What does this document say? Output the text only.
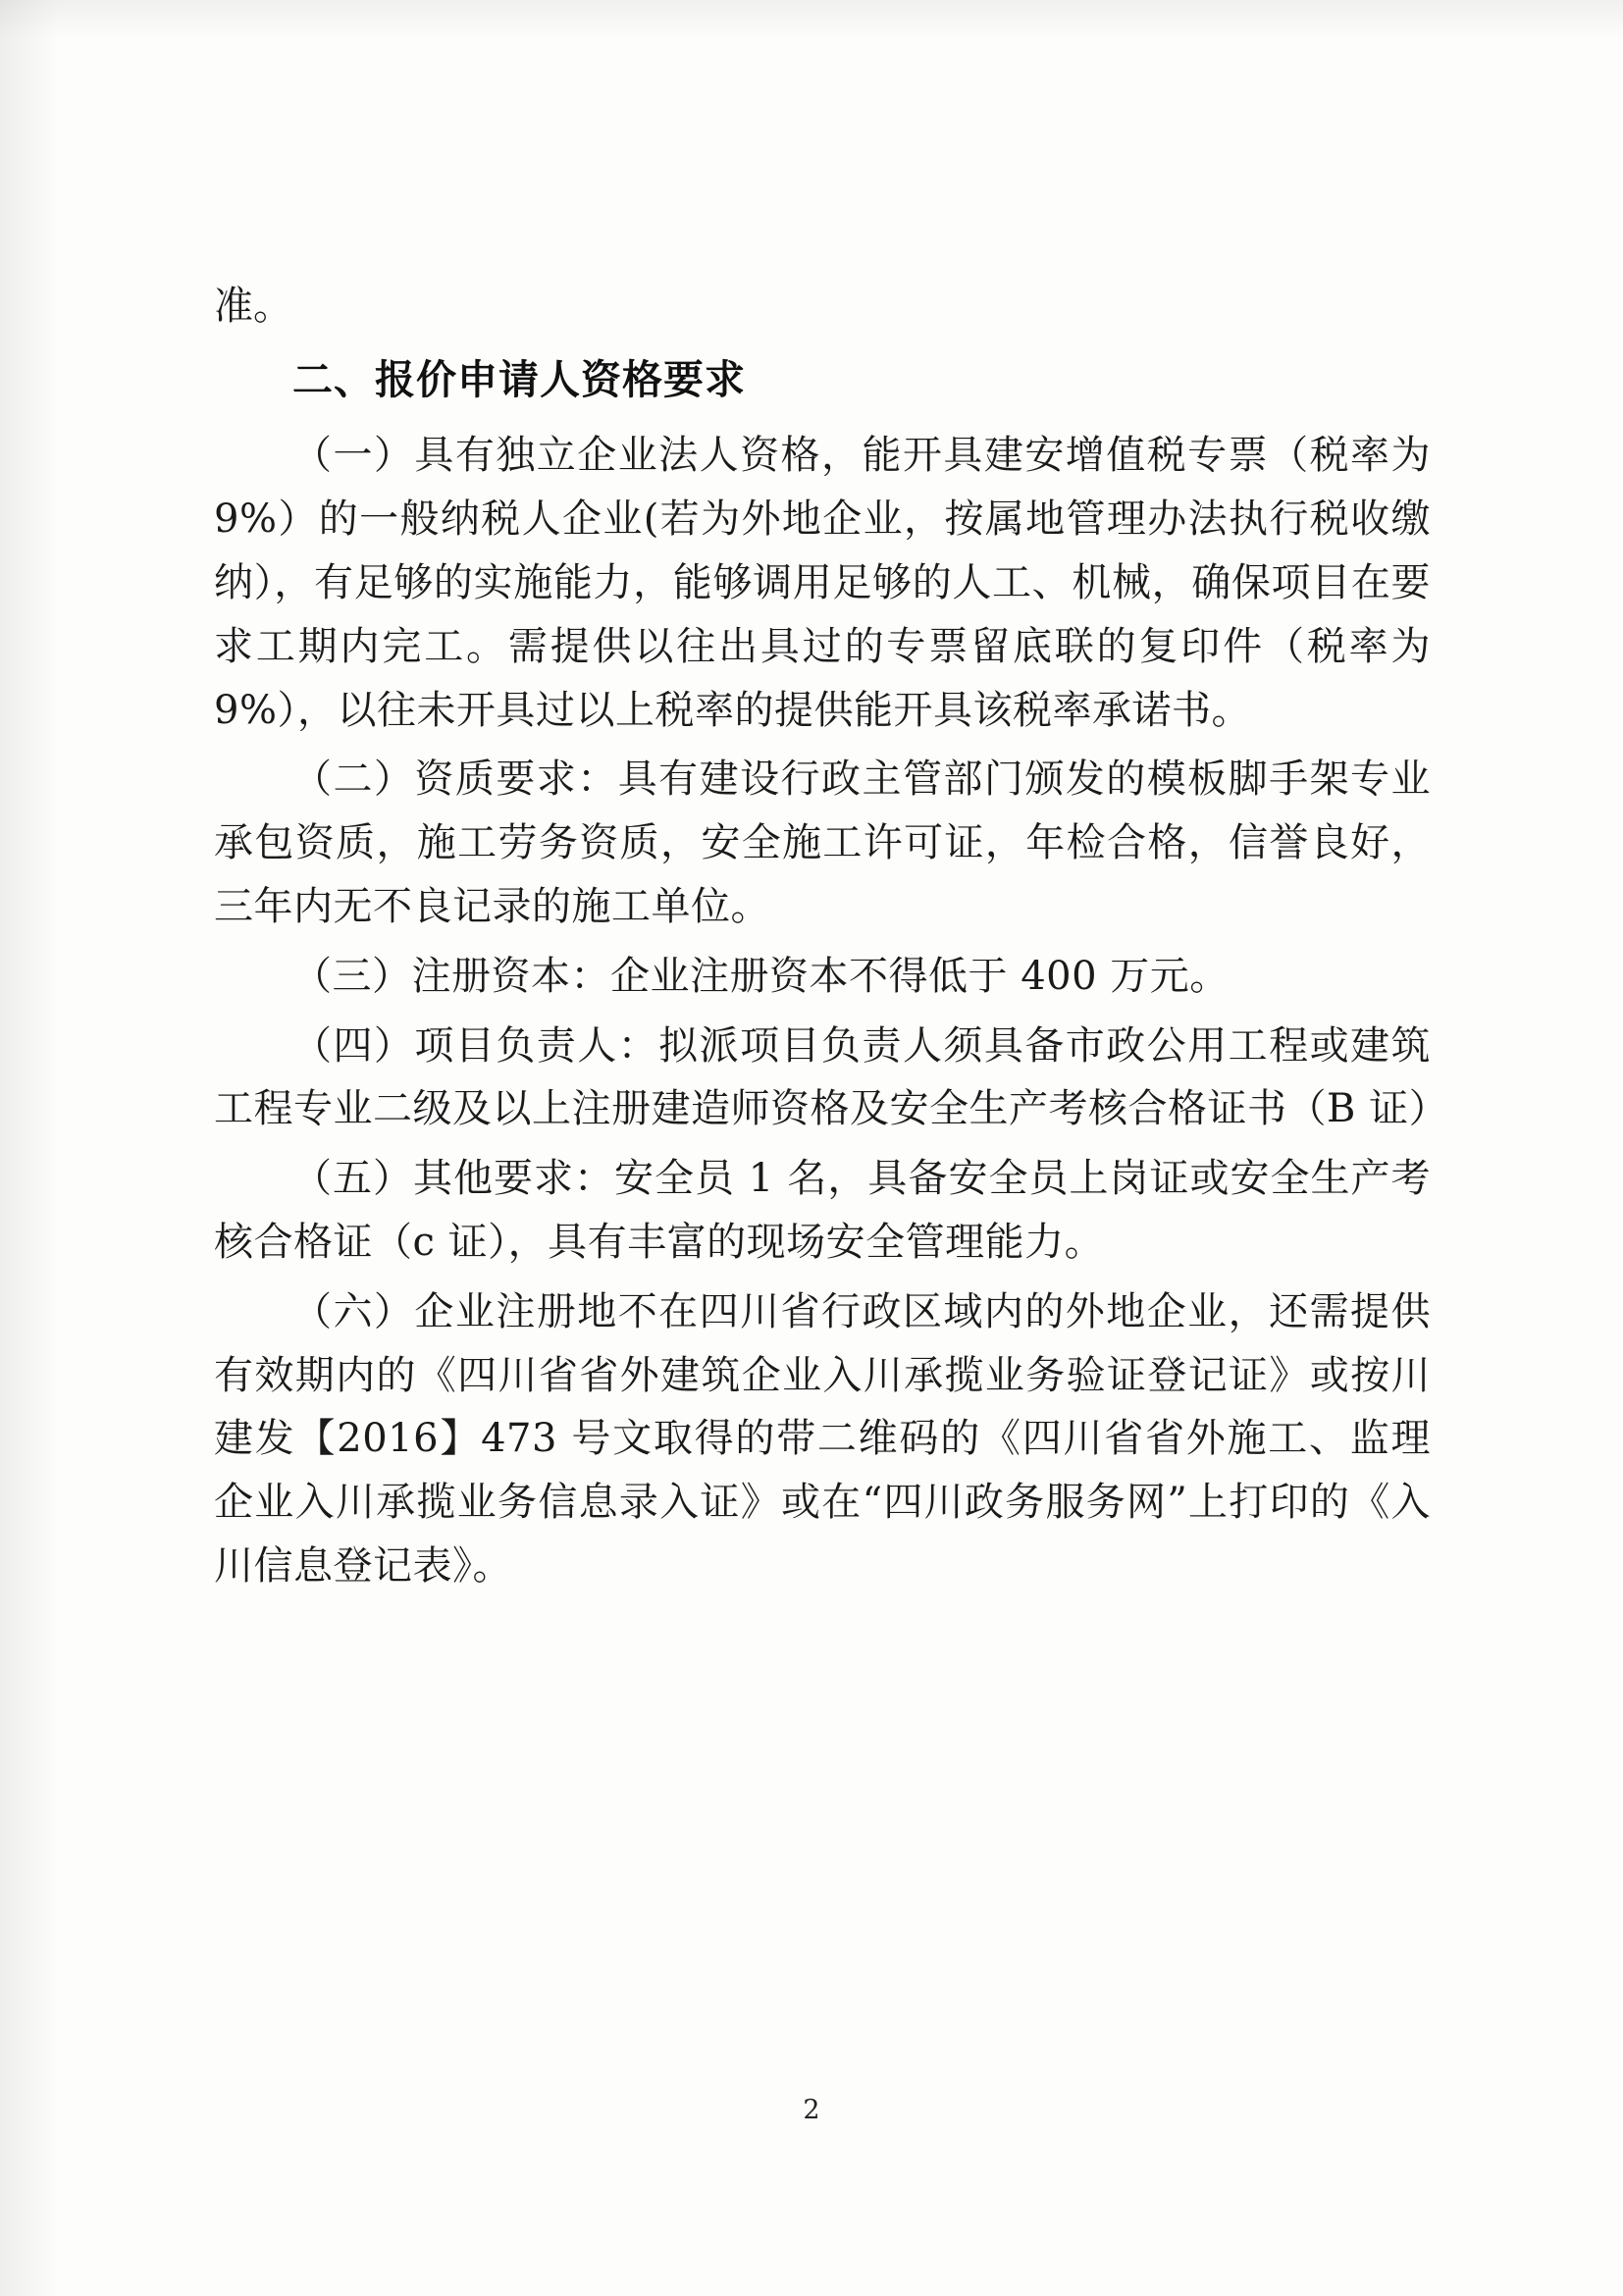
准。

二、报价申请人资格要求

（一）具有独立企业法人资格，能开具建安增值税专票（税率为 9%）的一般纳税人企业(若为外地企业，按属地管理办法执行税收缴纳），有足够的实施能力，能够调用足够的人工、机械，确保项目在要求工期内完工。需提供以往出具过的专票留底联的复印件（税率为 9%），以往未开具过以上税率的提供能开具该税率承诺书。

（二）资质要求：具有建设行政主管部门颁发的模板脚手架专业承包资质，施工劳务资质，安全施工许可证，年检合格，信誉良好，三年内无不良记录的施工单位。

（三）注册资本：企业注册资本不得低于 400 万元。

（四）项目负责人：拟派项目负责人须具备市政公用工程或建筑工程专业二级及以上注册建造师资格及安全生产考核合格证书（B 证）

（五）其他要求：安全员 1 名，具备安全员上岗证或安全生产考核合格证（c 证），具有丰富的现场安全管理能力。

（六）企业注册地不在四川省行政区域内的外地企业，还需提供有效期内的《四川省省外建筑企业入川承揽业务验证登记证》或按川建发【2016】473 号文取得的带二维码的《四川省省外施工、监理企业入川承揽业务信息录入证》或在“四川政务服务网”上打印的《入川信息登记表》。

2
